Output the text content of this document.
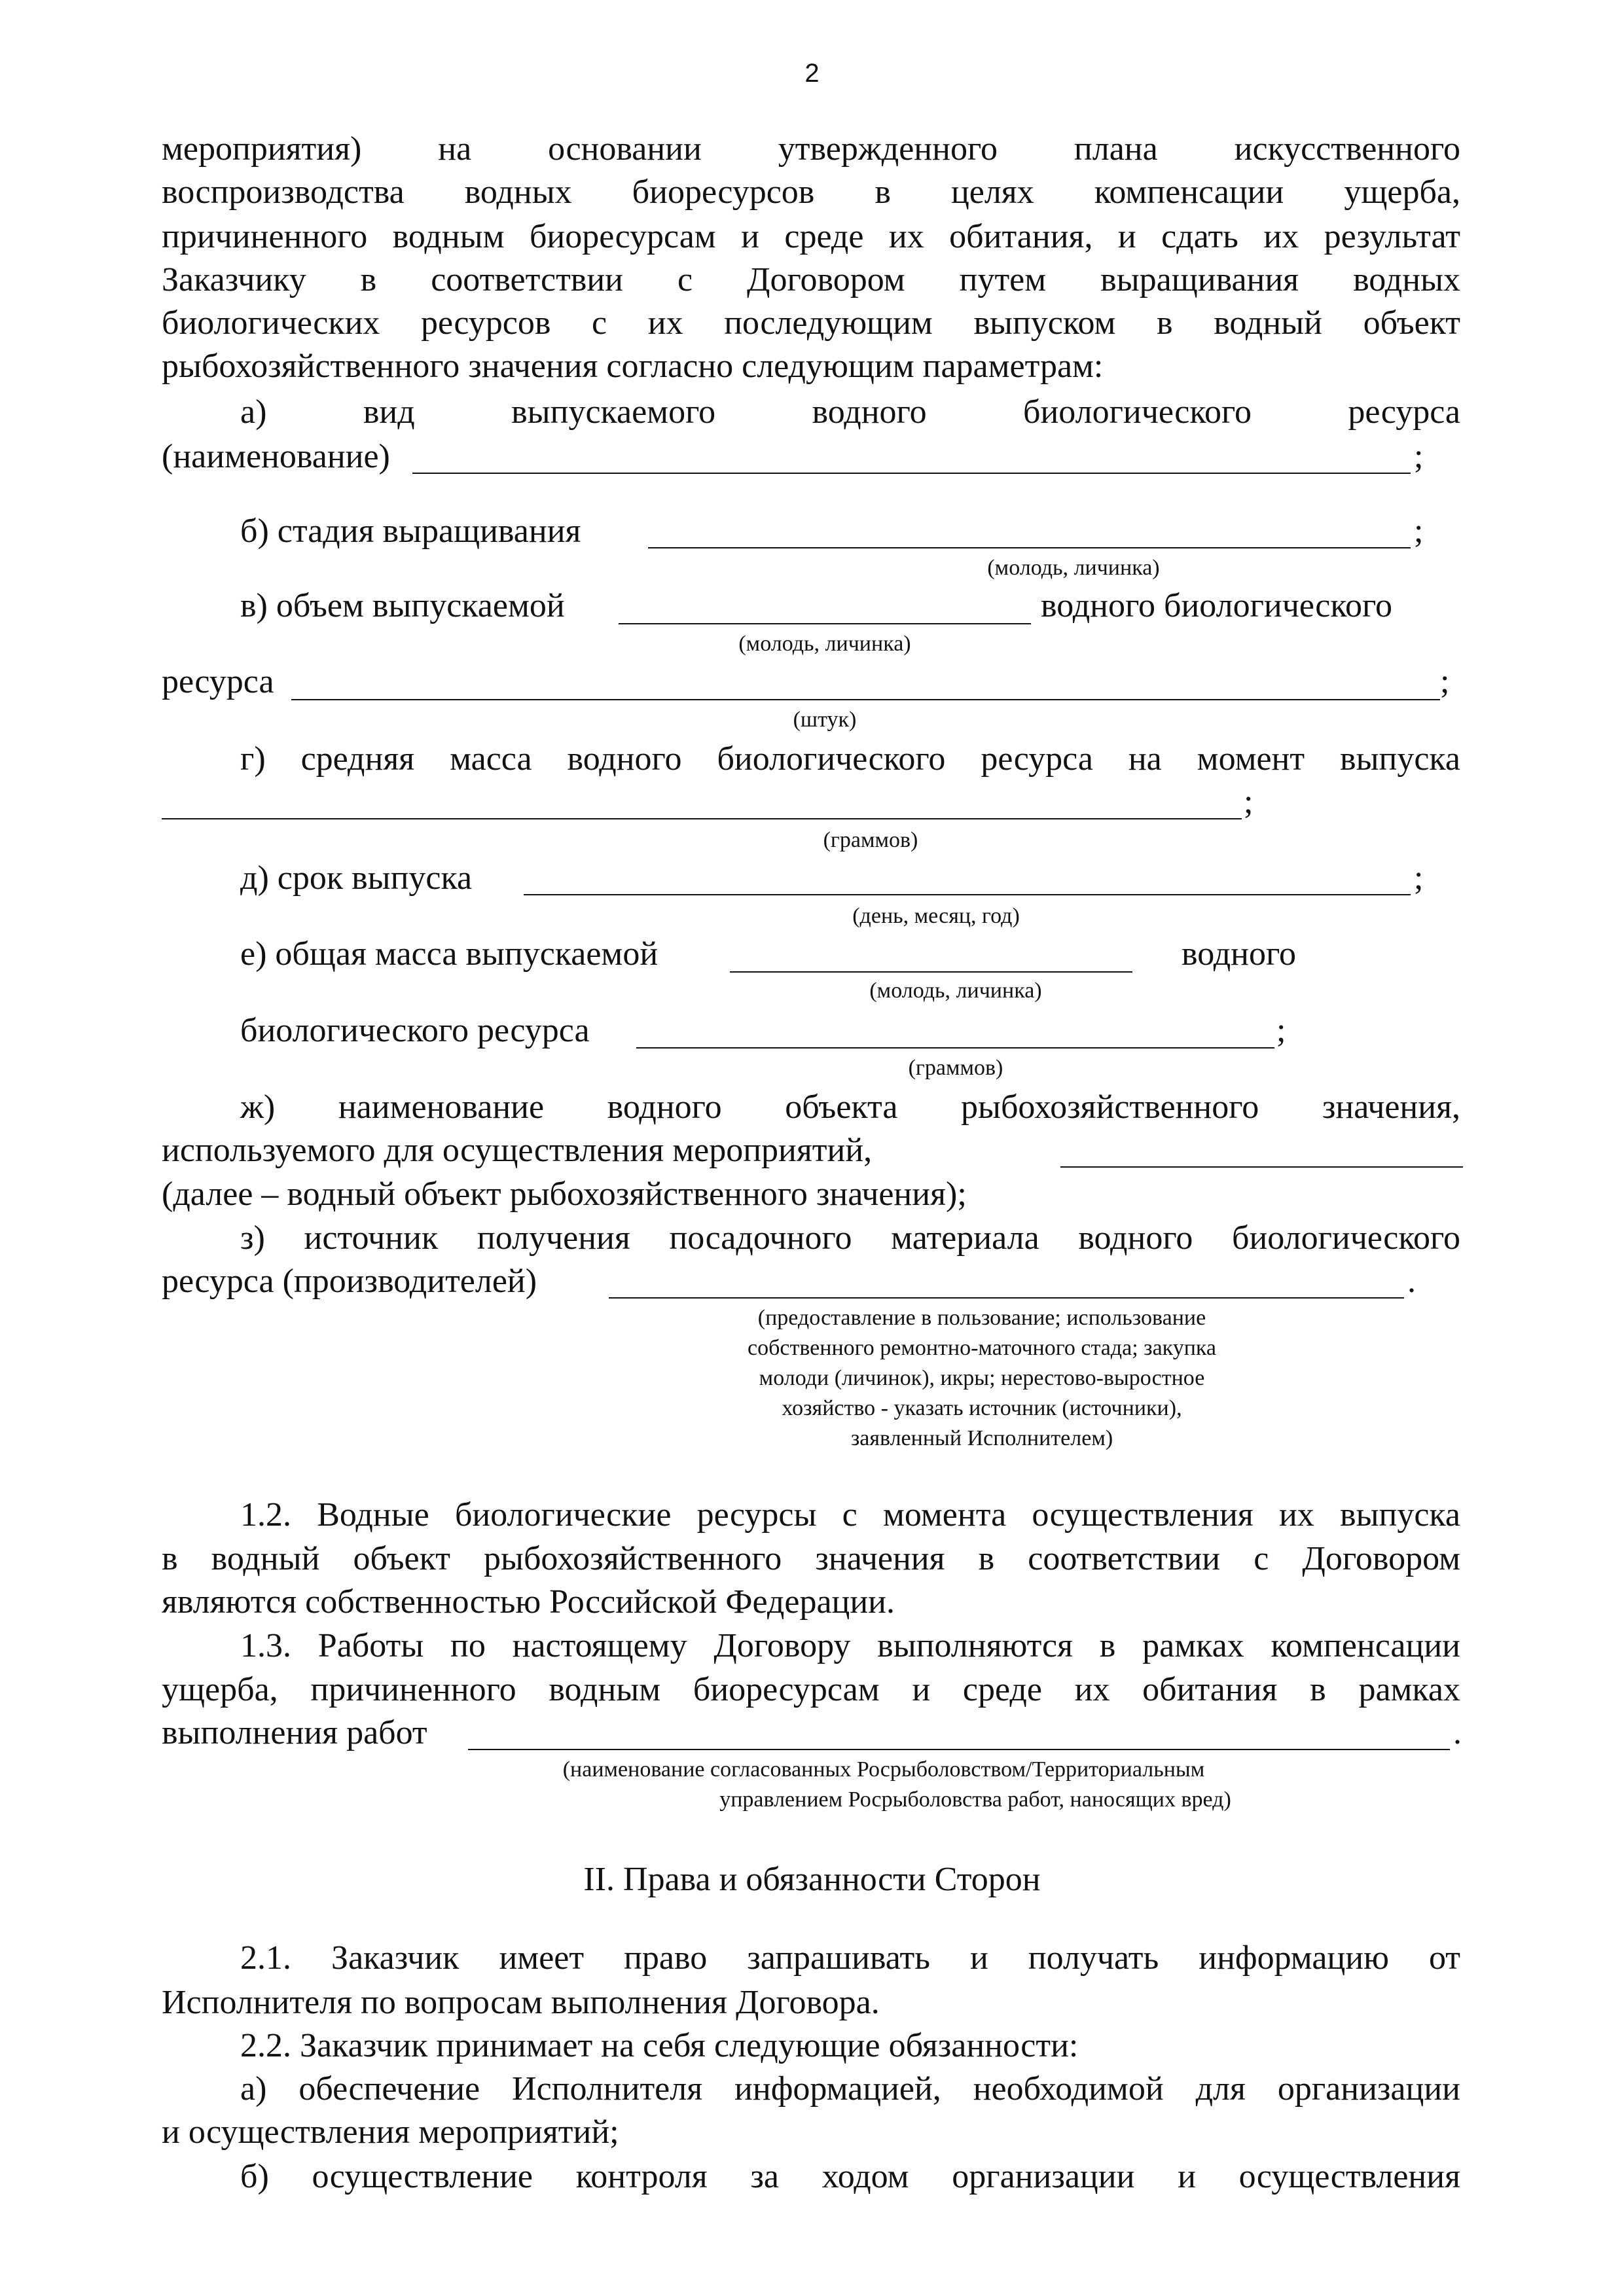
2
мероприятия) на основании утвержденного плана искусственного
воспроизводства водных биоресурсов в целях компенсации ущерба,
причиненного водным биоресурсам и среде их обитания, и сдать их результат
Заказчику в соответствии с Договором путем выращивания водных
биологических ресурсов с их последующим выпуском в водный объект
рыбохозяйственного значения согласно следующим параметрам:
а) вид выпускаемого водного биологического ресурса
(наименование)	;
б) стадия выращивания	;
(молодь, личинка)
в) объем выпускаемой	водного биологического
(молодь, личинка)
ресурса	;
(штук)
г) средняя масса водного биологического ресурса на момент выпуска
;
(граммов)
д) срок выпуска	;
(день, месяц, год)
е) общая масса выпускаемой	водного
(молодь, личинка)
биологического ресурса	;
(граммов)
ж) наименование водного объекта рыбохозяйственного значения,
используемого для осуществления мероприятий,
(далее – водный объект рыбохозяйственного значения);
з) источник получения посадочного материала водного биологического
ресурса (производителей)	.
(предоставление в пользование; использование
собственного ремонтно-маточного стада; закупка
молоди (личинок), икры; нерестово-выростное
хозяйство - указать источник (источники),
заявленный Исполнителем)
1.2. Водные биологические ресурсы с момента осуществления их выпуска
в водный объект рыбохозяйственного значения в соответствии с Договором
являются собственностью Российской Федерации.
1.3. Работы по настоящему Договору выполняются в рамках компенсации
ущерба, причиненного водным биоресурсам и среде их обитания в рамках
выполнения работ	.
(наименование согласованных Росрыболовством/Территориальным
управлением Росрыболовства работ, наносящих вред)
II. Права и обязанности Сторон
2.1. Заказчик имеет право запрашивать и получать информацию от
Исполнителя по вопросам выполнения Договора.
2.2. Заказчик принимает на себя следующие обязанности:
а) обеспечение Исполнителя информацией, необходимой для организации
и осуществления мероприятий;
б) осуществление контроля за ходом организации и осуществления
